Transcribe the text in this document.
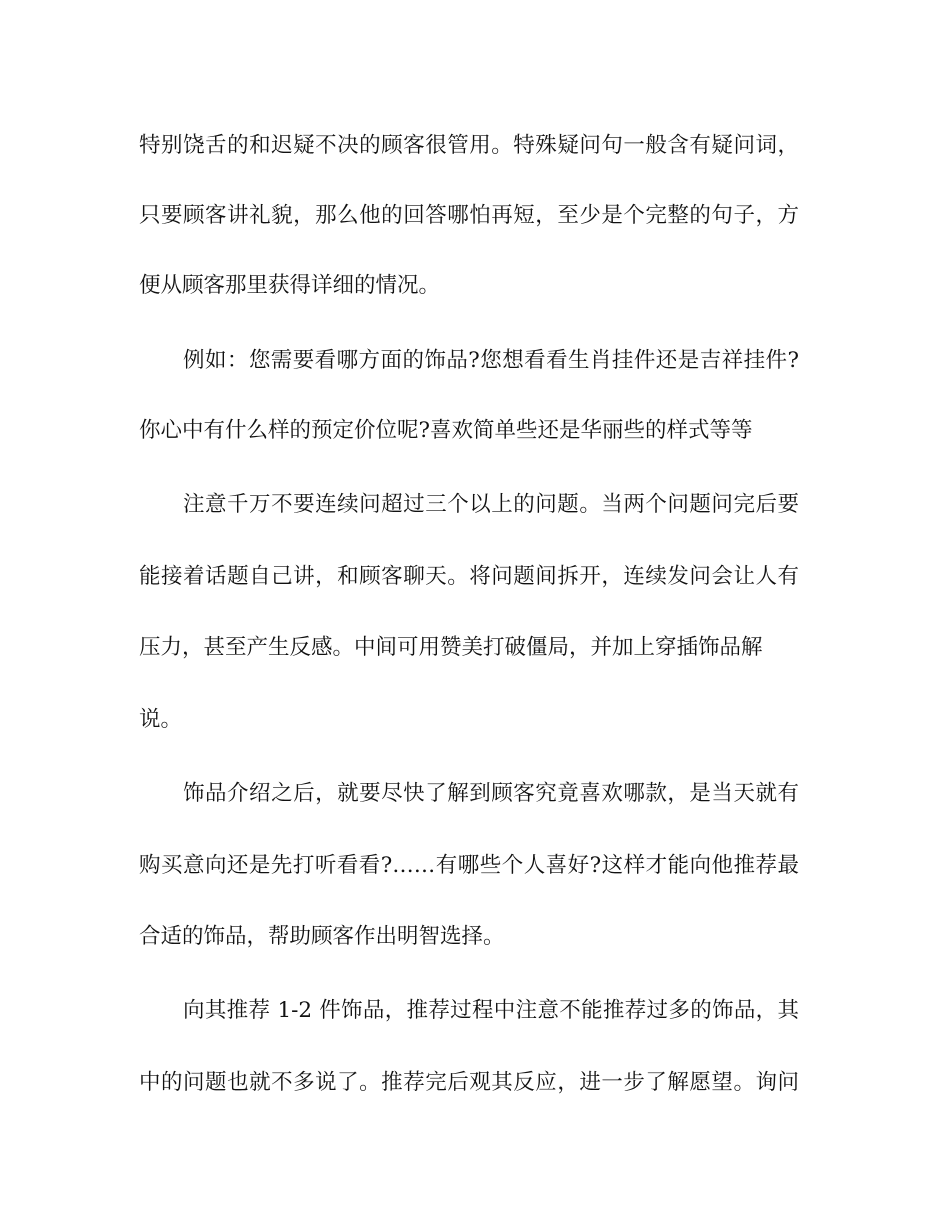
特别饶舌的和迟疑不决的顾客很管用。特殊疑问句一般含有疑问词，
只要顾客讲礼貌，那么他的回答哪怕再短，至少是个完整的句子，方
便从顾客那里获得详细的情况。
例如：您需要看哪方面的饰品?您想看看生肖挂件还是吉祥挂件?
你心中有什么样的预定价位呢?喜欢简单些还是华丽些的样式等等
注意千万不要连续问超过三个以上的问题。当两个问题问完后要
能接着话题自己讲，和顾客聊天。将问题间拆开，连续发问会让人有
压力，甚至产生反感。中间可用赞美打破僵局，并加上穿插饰品解
说。
饰品介绍之后，就要尽快了解到顾客究竟喜欢哪款，是当天就有
购买意向还是先打听看看?……有哪些个人喜好?这样才能向他推荐最
合适的饰品，帮助顾客作出明智选择。
向其推荐 1-2 件饰品，推荐过程中注意不能推荐过多的饰品，其
中的问题也就不多说了。推荐完后观其反应，进一步了解愿望。询问
